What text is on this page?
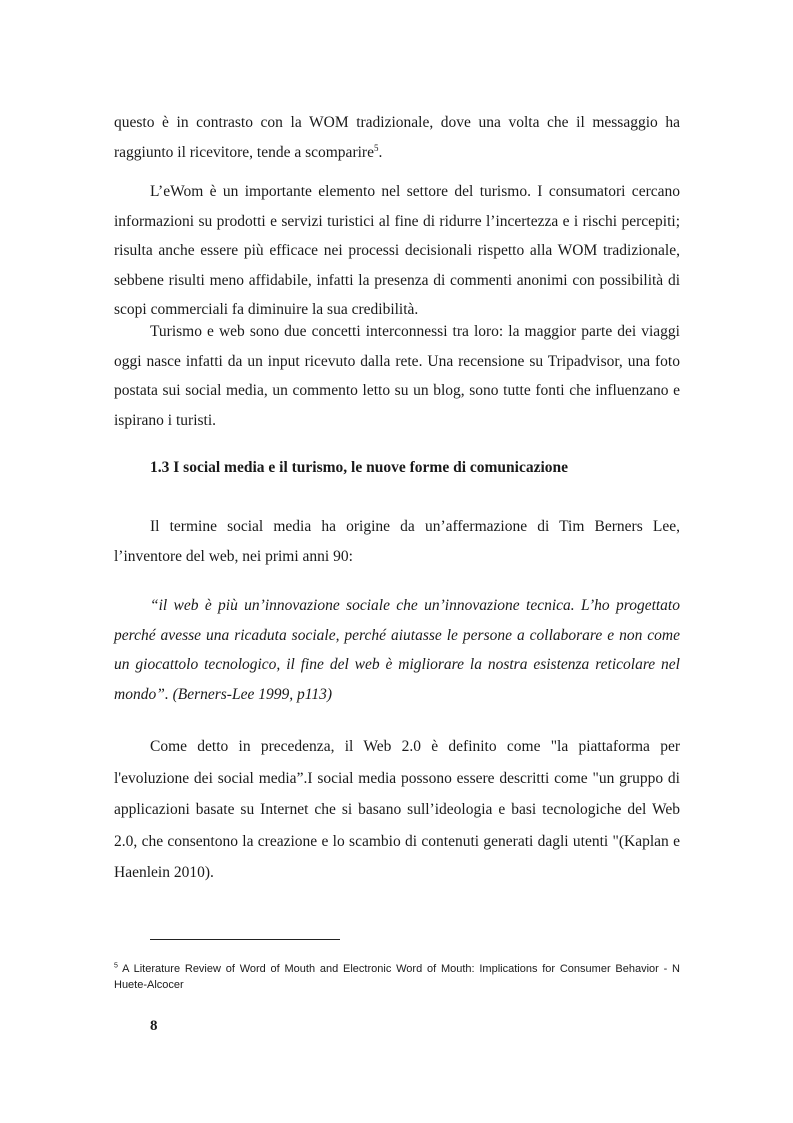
questo è in contrasto con la WOM tradizionale, dove una volta che il messaggio ha raggiunto il ricevitore, tende a scomparire$^5$.

L’eWom è un importante elemento nel settore del turismo. I consumatori cercano informazioni su prodotti e servizi turistici al fine di ridurre l’incertezza e i rischi percepiti; risulta anche essere più efficace nei processi decisionali rispetto alla WOM tradizionale, sebbene risulti meno affidabile, infatti la presenza di commenti anonimi con possibilità di scopi commerciali fa diminuire la sua credibilità.

Turismo e web sono due concetti interconnessi tra loro: la maggior parte dei viaggi oggi nasce infatti da un input ricevuto dalla rete. Una recensione su Tripadvisor, una foto postata sui social media, un commento letto su un blog, sono tutte fonti che influenzano e ispirano i turisti.

1.3 I social media e il turismo, le nuove forme di comunicazione

Il termine social media ha origine da un’affermazione di Tim Berners Lee, l’inventore del web, nei primi anni 90:

“il web è più un’innovazione sociale che un’innovazione tecnica. L’ho progettato perché avesse una ricaduta sociale, perché aiutasse le persone a collaborare e non come un giocattolo tecnologico, il fine del web è migliorare la nostra esistenza reticolare nel mondo”. (Berners-Lee 1999, p113)

Come detto in precedenza, il Web 2.0 è definito come "la piattaforma per l'evoluzione dei social media”.I social media possono essere descritti come "un gruppo di applicazioni basate su Internet che si basano sull’ideologia e basi tecnologiche del Web 2.0, che consentono la creazione e lo scambio di contenuti generati dagli utenti "(Kaplan e Haenlein 2010).

$^5$ A Literature Review of Word of Mouth and Electronic Word of Mouth: Implications for Consumer Behavior - N Huete-Alcocer
8
